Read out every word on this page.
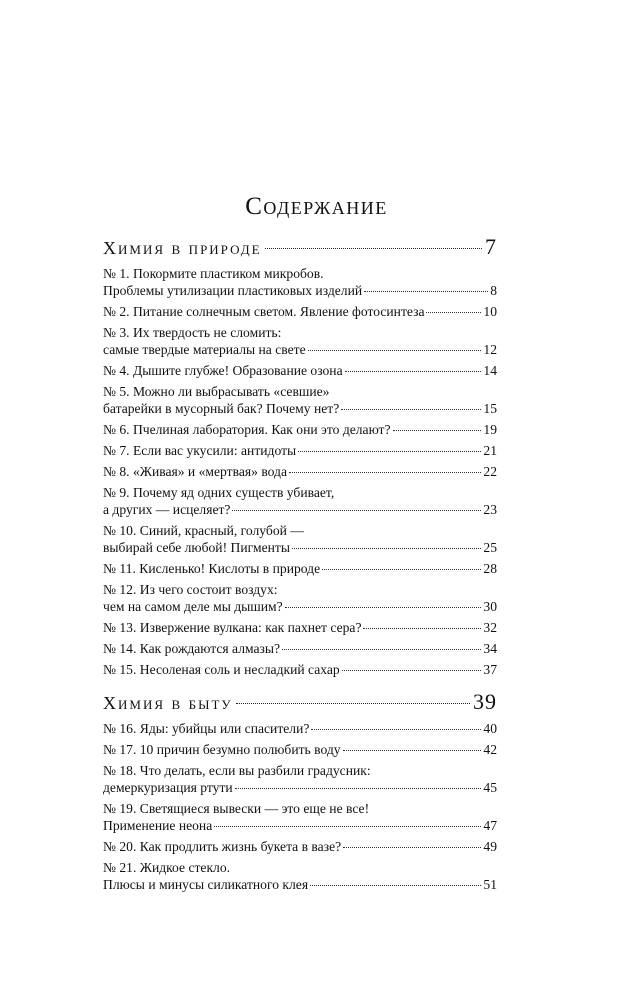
Содержание
Химия в природе	7
№ 1. Покормите пластиком микробов.
Проблемы утилизации пластиковых изделий	8
№ 2. Питание солнечным светом. Явление фотосинтеза	10
№ 3. Их твердость не сломить:
самые твердые материалы на свете	12
№ 4. Дышите глубже! Образование озона	14
№ 5. Можно ли выбрасывать «севшие»
батарейки в мусорный бак? Почему нет?	15
№ 6. Пчелиная лаборатория. Как они это делают?	19
№ 7. Если вас укусили: антидоты	21
№ 8. «Живая» и «мертвая» вода	22
№ 9. Почему яд одних существ убивает,
а других — исцеляет?	23
№ 10. Синий, красный, голубой —
выбирай себе любой! Пигменты	25
№ 11. Кисленько! Кислоты в природе	28
№ 12. Из чего состоит воздух:
чем на самом деле мы дышим?	30
№ 13. Извержение вулкана: как пахнет сера?	32
№ 14. Как рождаются алмазы?	34
№ 15. Несоленая соль и несладкий сахар	37
Химия в быту	39
№ 16. Яды: убийцы или спасители?	40
№ 17. 10 причин безумно полюбить воду	42
№ 18. Что делать, если вы разбили градусник:
демеркуризация ртути	45
№ 19. Светящиеся вывески — это еще не все!
Применение неона	47
№ 20. Как продлить жизнь букета в вазе?	49
№ 21. Жидкое стекло.
Плюсы и минусы силикатного клея	51
